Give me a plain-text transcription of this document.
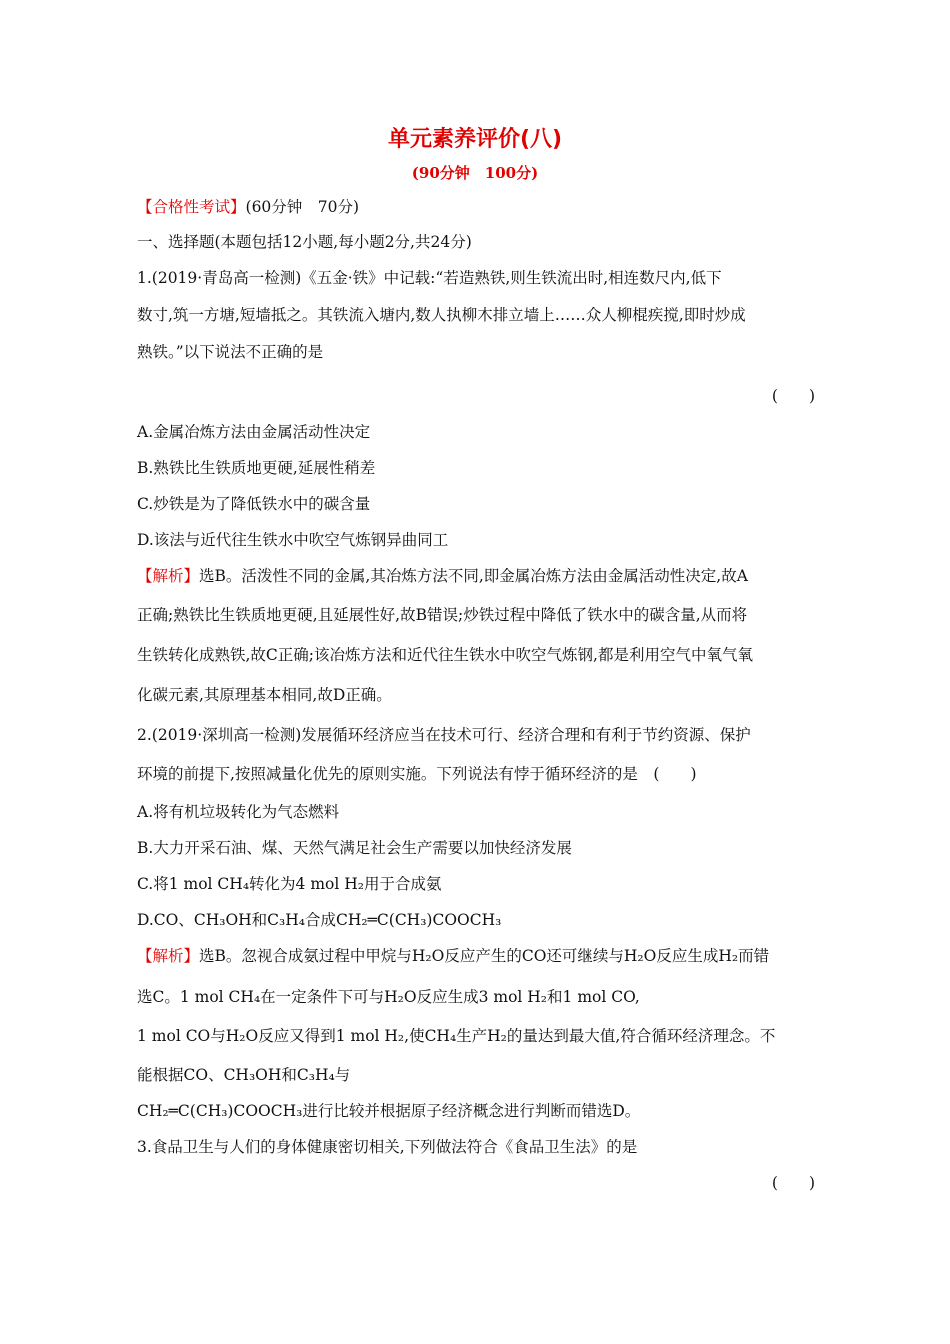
单元素养评价(八)
(90分钟　100分)
【合格性考试】(60分钟　70分)
一、选择题(本题包括12小题,每小题2分,共24分)
1.(2019·青岛高一检测)《五金·铁》中记载:“若造熟铁,则生铁流出时,相连数尺内,低下
数寸,筑一方塘,短墙抵之。其铁流入塘内,数人执柳木排立墙上……众人柳棍疾搅,即时炒成
熟铁。”以下说法不正确的是
(　　)
A.金属冶炼方法由金属活动性决定
B.熟铁比生铁质地更硬,延展性稍差
C.炒铁是为了降低铁水中的碳含量
D.该法与近代往生铁水中吹空气炼钢异曲同工
【解析】选B。活泼性不同的金属,其冶炼方法不同,即金属冶炼方法由金属活动性决定,故A
正确;熟铁比生铁质地更硬,且延展性好,故B错误;炒铁过程中降低了铁水中的碳含量,从而将
生铁转化成熟铁,故C正确;该冶炼方法和近代往生铁水中吹空气炼钢,都是利用空气中氧气氧
化碳元素,其原理基本相同,故D正确。
2.(2019·深圳高一检测)发展循环经济应当在技术可行、经济合理和有利于节约资源、保护
环境的前提下,按照减量化优先的原则实施。下列说法有悖于循环经济的是　(　　)
A.将有机垃圾转化为气态燃料
B.大力开采石油、煤、天然气满足社会生产需要以加快经济发展
C.将1 mol CH₄转化为4 mol H₂用于合成氨
D.CO、CH₃OH和C₃H₄合成CH₂═C(CH₃)COOCH₃
【解析】选B。忽视合成氨过程中甲烷与H₂O反应产生的CO还可继续与H₂O反应生成H₂而错
选C。1 mol CH₄在一定条件下可与H₂O反应生成3 mol H₂和1 mol CO,
1 mol CO与H₂O反应又得到1 mol H₂,使CH₄生产H₂的量达到最大值,符合循环经济理念。不
能根据CO、CH₃OH和C₃H₄与
CH₂═C(CH₃)COOCH₃进行比较并根据原子经济概念进行判断而错选D。
3.食品卫生与人们的身体健康密切相关,下列做法符合《食品卫生法》的是
(　　)
